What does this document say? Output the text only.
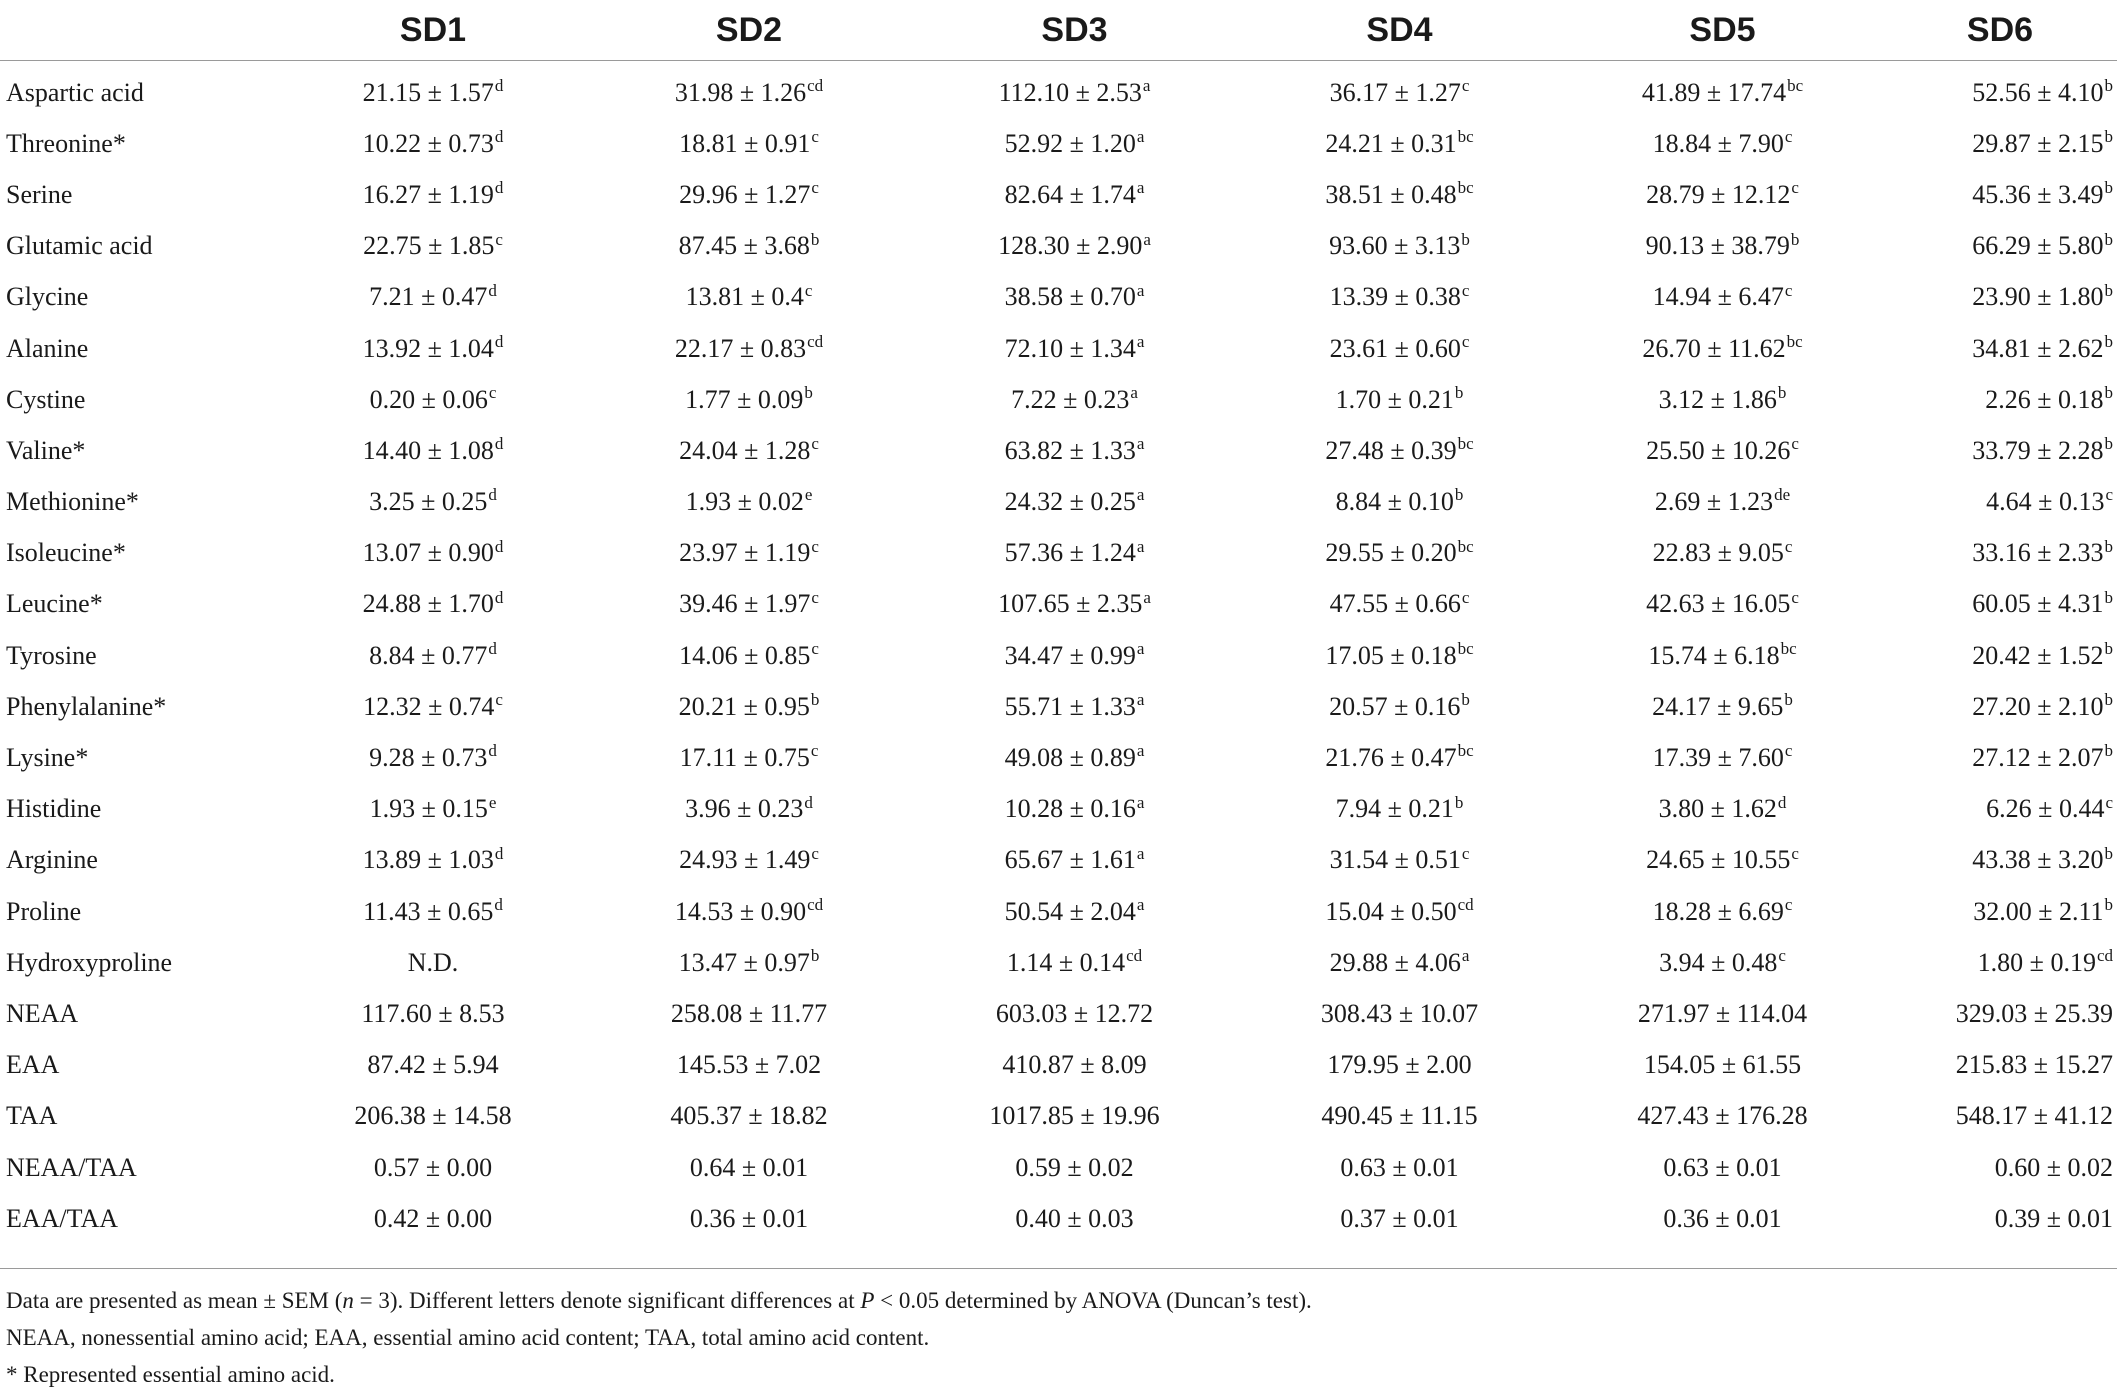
	SD1	SD2	SD3	SD4	SD5	SD6
Aspartic acid	21.15 ± 1.57$^d$	31.98 ± 1.26$^{cd}$	112.10 ± 2.53$^a$	36.17 ± 1.27$^c$	41.89 ± 17.74$^{bc}$	52.56 ± 4.10$^b$
Threonine*	10.22 ± 0.73$^d$	18.81 ± 0.91$^c$	52.92 ± 1.20$^a$	24.21 ± 0.31$^{bc}$	18.84 ± 7.90$^c$	29.87 ± 2.15$^b$
Serine	16.27 ± 1.19$^d$	29.96 ± 1.27$^c$	82.64 ± 1.74$^a$	38.51 ± 0.48$^{bc}$	28.79 ± 12.12$^c$	45.36 ± 3.49$^b$
Glutamic acid	22.75 ± 1.85$^c$	87.45 ± 3.68$^b$	128.30 ± 2.90$^a$	93.60 ± 3.13$^b$	90.13 ± 38.79$^b$	66.29 ± 5.80$^b$
Glycine	7.21 ± 0.47$^d$	13.81 ± 0.4$^c$	38.58 ± 0.70$^a$	13.39 ± 0.38$^c$	14.94 ± 6.47$^c$	23.90 ± 1.80$^b$
Alanine	13.92 ± 1.04$^d$	22.17 ± 0.83$^{cd}$	72.10 ± 1.34$^a$	23.61 ± 0.60$^c$	26.70 ± 11.62$^{bc}$	34.81 ± 2.62$^b$
Cystine	0.20 ± 0.06$^c$	1.77 ± 0.09$^b$	7.22 ± 0.23$^a$	1.70 ± 0.21$^b$	3.12 ± 1.86$^b$	2.26 ± 0.18$^b$
Valine*	14.40 ± 1.08$^d$	24.04 ± 1.28$^c$	63.82 ± 1.33$^a$	27.48 ± 0.39$^{bc}$	25.50 ± 10.26$^c$	33.79 ± 2.28$^b$
Methionine*	3.25 ± 0.25$^d$	1.93 ± 0.02$^e$	24.32 ± 0.25$^a$	8.84 ± 0.10$^b$	2.69 ± 1.23de	4.64 ± 0.13$^c$
Isoleucine*	13.07 ± 0.90$^d$	23.97 ± 1.19$^c$	57.36 ± 1.24$^a$	29.55 ± 0.20$^{bc}$	22.83 ± 9.05$^c$	33.16 ± 2.33$^b$
Leucine*	24.88 ± 1.70$^d$	39.46 ± 1.97$^c$	107.65 ± 2.35$^a$	47.55 ± 0.66$^c$	42.63 ± 16.05$^c$	60.05 ± 4.31$^b$
Tyrosine	8.84 ± 0.77$^d$	14.06 ± 0.85$^c$	34.47 ± 0.99$^a$	17.05 ± 0.18$^{bc}$	15.74 ± 6.18$^{bc}$	20.42 ± 1.52$^b$
Phenylalanine*	12.32 ± 0.74$^c$	20.21 ± 0.95$^b$	55.71 ± 1.33$^a$	20.57 ± 0.16$^b$	24.17 ± 9.65$^b$	27.20 ± 2.10$^b$
Lysine*	9.28 ± 0.73$^d$	17.11 ± 0.75$^c$	49.08 ± 0.89$^a$	21.76 ± 0.47$^{bc}$	17.39 ± 7.60$^c$	27.12 ± 2.07$^b$
Histidine	1.93 ± 0.15$^e$	3.96 ± 0.23$^d$	10.28 ± 0.16$^a$	7.94 ± 0.21$^b$	3.80 ± 1.62$^d$	6.26 ± 0.44$^c$
Arginine	13.89 ± 1.03$^d$	24.93 ± 1.49$^c$	65.67 ± 1.61$^a$	31.54 ± 0.51$^c$	24.65 ± 10.55$^c$	43.38 ± 3.20$^b$
Proline	11.43 ± 0.65$^d$	14.53 ± 0.90$^{cd}$	50.54 ± 2.04$^a$	15.04 ± 0.50$^{cd}$	18.28 ± 6.69$^c$	32.00 ± 2.11$^b$
Hydroxyproline	N.D.	13.47 ± 0.97$^b$	1.14 ± 0.14$^{cd}$	29.88 ± 4.06$^a$	3.94 ± 0.48$^c$	1.80 ± 0.19$^{cd}$
NEAA	117.60 ± 8.53	258.08 ± 11.77	603.03 ± 12.72	308.43 ± 10.07	271.97 ± 114.04	329.03 ± 25.39
EAA	87.42 ± 5.94	145.53 ± 7.02	410.87 ± 8.09	179.95 ± 2.00	154.05 ± 61.55	215.83 ± 15.27
TAA	206.38 ± 14.58	405.37 ± 18.82	1017.85 ± 19.96	490.45 ± 11.15	427.43 ± 176.28	548.17 ± 41.12
NEAA/TAA	0.57 ± 0.00	0.64 ± 0.01	0.59 ± 0.02	0.63 ± 0.01	0.63 ± 0.01	0.60 ± 0.02
EAA/TAA	0.42 ± 0.00	0.36 ± 0.01	0.40 ± 0.03	0.37 ± 0.01	0.36 ± 0.01	0.39 ± 0.01
Data are presented as mean ± SEM (n = 3). Different letters denote significant differences at P < 0.05 determined by ANOVA (Duncan’s test).
NEAA, nonessential amino acid; EAA, essential amino acid content; TAA, total amino acid content.
* Represented essential amino acid.
